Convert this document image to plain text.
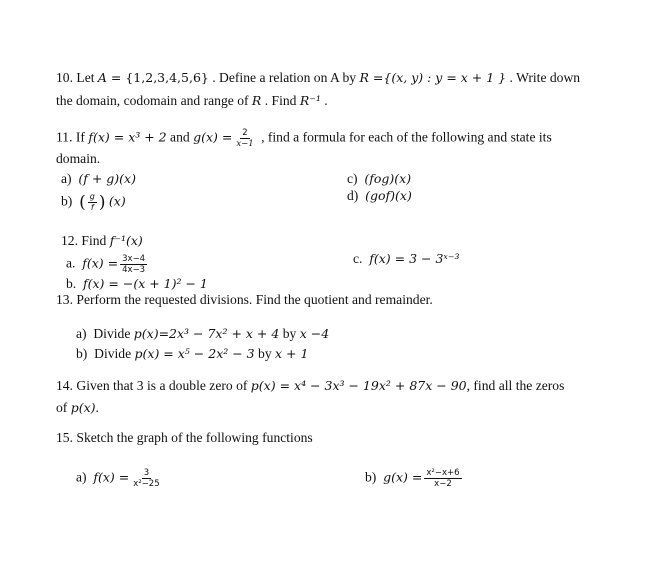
10. Let A = {1,2,3,4,5,6} . Define a relation on A by R ={(x, y) : y = x + 1 } . Write down
the domain, codomain and range of R . Find R⁻¹ .
11. If f(x) = x³ + 2 and $g(x) = \frac{2}{x-1}$ , find a formula for each of the following and state its
domain.
a) (f + g)(x)
b) ( $\frac{g}{f}$ ) (x)
c) (fog)(x)
d) (gof)(x)
12. Find f⁻¹(x)
a. $f(x) = \frac{3x-4}{4x-3}$	c. f(x) = 3 − 3ˣ⁻³
b. f(x) = −(x + 1)² − 1
13. Perform the requested divisions. Find the quotient and remainder.
a) Divide p(x)=2x³ − 7x² + x + 4 by x −4
b) Divide p(x) = x⁵ − 2x² − 3 by x + 1
14. Given that 3 is a double zero of p(x) = x⁴ − 3x³ − 19x² + 87x − 90, find all the zeros
of p(x).
15. Sketch the graph of the following functions
a) $f(x) = \frac{3}{\text{x²−25}}$	b) $g(x) = \frac{\text{x²−x+6}}{x-2}$
